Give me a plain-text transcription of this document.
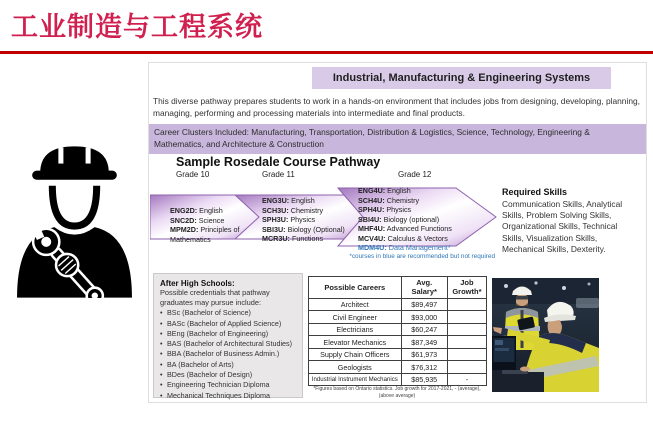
工业制造与工程系统
Industrial, Manufacturing & Engineering Systems
This diverse pathway prepares students to work in a hands-on environment that includes jobs from designing, developing, planning, managing, performing and processing materials into intermediate and final products.
Career Clusters Included: Manufacturing, Transportation, Distribution & Logistics, Science, Technology, Engineering & Mathematics, and Architecture & Construction
Sample Rosedale Course Pathway
Grade 10	Grade 11	Grade 12
ENG2D: English
SNC2D: Science
MPM2D: Principles of Mathematics
ENG3U: English
SCH3U: Chemistry
SPH3U: Physics
SBI3U: Biology (Optional)
MCR3U: Functions
ENG4U: English
SCH4U: Chemistry
SPH4U: Physics
SBI4U: Biology (optional)
MHF4U: Advanced Functions
MCV4U: Calculus & Vectors
MDM4U: Data Management*
*courses in blue are recommended but not required
Required Skills
Communication Skills, Analytical Skills, Problem Solving Skills, Organizational Skills, Technical Skills, Visualization Skills, Mechanical Skills, Dexterity.
After High Schools:
Possible credentials that pathway graduates may pursue include:
• BSc (Bachelor of Science)
• BASc (Bachelor of Applied Science)
• BEng (Bachelor of Engineering)
• BAS (Bachelor of Architectural Studies)
• BBA (Bachelor of Business Admin.)
• BA (Bachelor of Arts)
• BDes (Bachelor of Design)
• Engineering Technician Diploma
• Mechanical Techniques Diploma
Possible Careers	Avg. Salary*	Job Growth*
Architect	$89,497	
Civil Engineer	$93,000	
Electricians	$60,247	
Elevator Mechanics	$87,349	
Supply Chain Officers	$61,973	
Geologists	$76,312	
Industrial Instrument Mechanics	$85,935	-
*Figures based on Ontario statistics. Job growth for 2017-2021, - (average), (above average)
